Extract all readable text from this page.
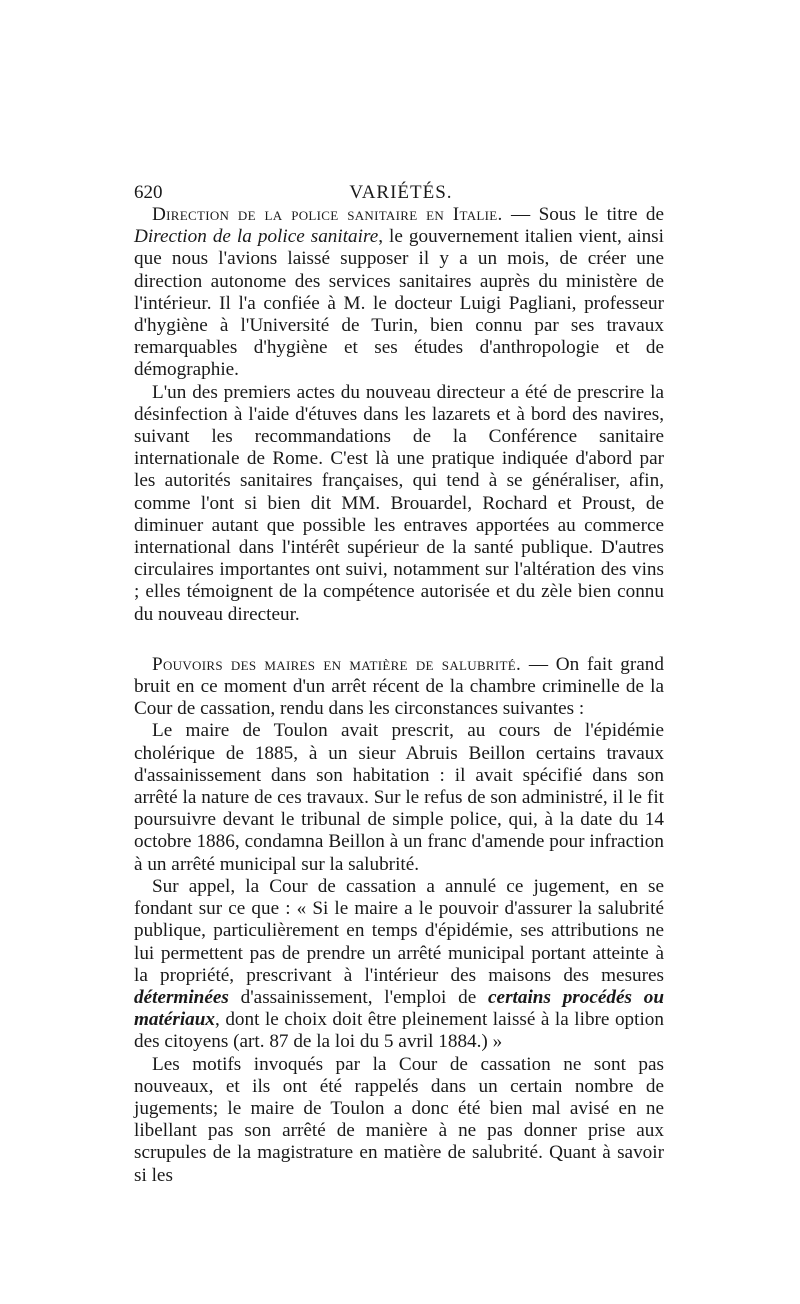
620	VARIÉTÉS.

Direction de la police sanitaire en Italie. — Sous le titre de Direction de la police sanitaire, le gouvernement italien vient, ainsi que nous l'avions laissé supposer il y a un mois, de créer une direction autonome des services sanitaires auprès du ministère de l'intérieur. Il l'a confiée à M. le docteur Luigi Pagliani, professeur d'hygiène à l'Université de Turin, bien connu par ses travaux remarquables d'hygiène et ses études d'anthropologie et de démographie.

L'un des premiers actes du nouveau directeur a été de prescrire la désinfection à l'aide d'étuves dans les lazarets et à bord des navires, suivant les recommandations de la Conférence sanitaire internationale de Rome. C'est là une pratique indiquée d'abord par les autorités sanitaires françaises, qui tend à se généraliser, afin, comme l'ont si bien dit MM. Brouardel, Rochard et Proust, de diminuer autant que possible les entraves apportées au commerce international dans l'intérêt supérieur de la santé publique. D'autres circulaires importantes ont suivi, notamment sur l'altération des vins ; elles témoignent de la compétence autorisée et du zèle bien connu du nouveau directeur.

Pouvoirs des maires en matière de salubrité. — On fait grand bruit en ce moment d'un arrêt récent de la chambre criminelle de la Cour de cassation, rendu dans les circonstances suivantes :

Le maire de Toulon avait prescrit, au cours de l'épidémie cholérique de 1885, à un sieur Abruis Beillon certains travaux d'assainissement dans son habitation : il avait spécifié dans son arrêté la nature de ces travaux. Sur le refus de son administré, il le fit poursuivre devant le tribunal de simple police, qui, à la date du 14 octobre 1886, condamna Beillon à un franc d'amende pour infraction à un arrêté municipal sur la salubrité.

Sur appel, la Cour de cassation a annulé ce jugement, en se fondant sur ce que : « Si le maire a le pouvoir d'assurer la salubrité publique, particulièrement en temps d'épidémie, ses attributions ne lui permettent pas de prendre un arrêté municipal portant atteinte à la propriété, prescrivant à l'intérieur des maisons des mesures déterminées d'assainissement, l'emploi de certains procédés ou matériaux, dont le choix doit être pleinement laissé à la libre option des citoyens (art. 87 de la loi du 5 avril 1884.) »

Les motifs invoqués par la Cour de cassation ne sont pas nouveaux, et ils ont été rappelés dans un certain nombre de jugements; le maire de Toulon a donc été bien mal avisé en ne libellant pas son arrêté de manière à ne pas donner prise aux scrupules de la magistrature en matière de salubrité. Quant à savoir si les
